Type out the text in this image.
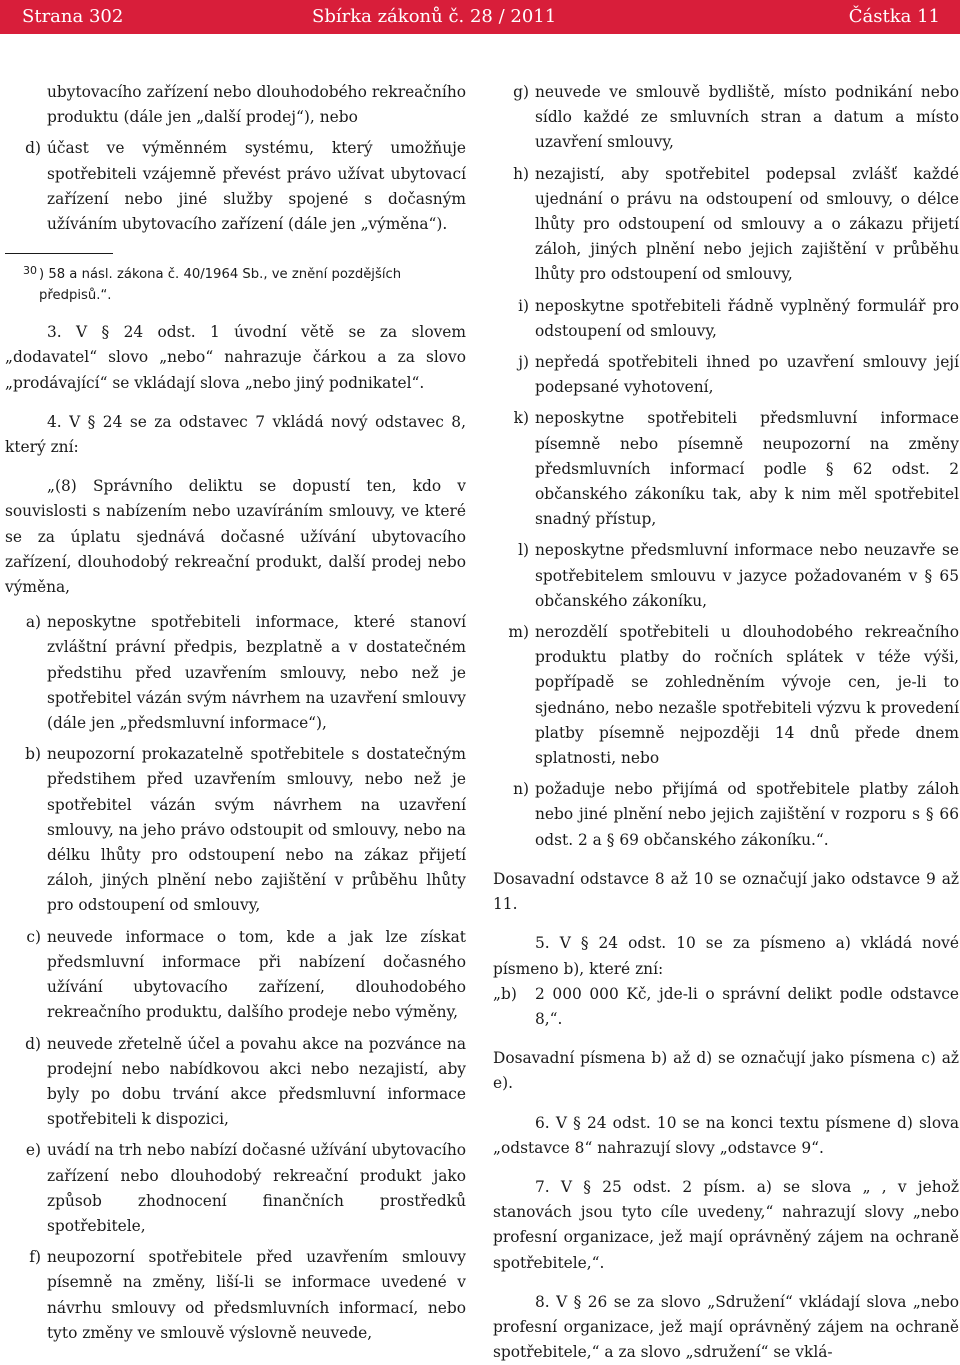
Strana 302	Sbírka zákonů č. 28 / 2011	Částka 11

ubytovacího zařízení nebo dlouhodobého rekreačního produktu (dále jen „další prodej“), nebo

d) účast ve výměnném systému, který umožňuje spotřebiteli vzájemně převést právo užívat ubytovací zařízení nebo jiné služby spojené s dočasným užíváním ubytovacího zařízení (dále jen „výměna“).
30 ) 58 a násl. zákona č. 40/1964 Sb., ve znění pozdějších předpisů.“.

3. V § 24 odst. 1 úvodní větě se za slovem „dodavatel“ slovo „nebo“ nahrazuje čárkou a za slovo „prodávající“ se vkládají slova „nebo jiný podnikatel“.

4. V § 24 se za odstavec 7 vkládá nový odstavec 8, který zní:

„(8) Správního deliktu se dopustí ten, kdo v souvislosti s nabízením nebo uzavíráním smlouvy, ve které se za úplatu sjednává dočasné užívání ubytovacího zařízení, dlouhodobý rekreační produkt, další prodej nebo výměna,

a) neposkytne spotřebiteli informace, které stanoví zvláštní právní předpis, bezplatně a v dostatečném předstihu před uzavřením smlouvy, nebo než je spotřebitel vázán svým návrhem na uzavření smlouvy (dále jen „předsmluvní informace“),
b) neupozorní prokazatelně spotřebitele s dostatečným předstihem před uzavřením smlouvy, nebo než je spotřebitel vázán svým návrhem na uzavření smlouvy, na jeho právo odstoupit od smlouvy, nebo na délku lhůty pro odstoupení nebo na zákaz přijetí záloh, jiných plnění nebo zajištění v průběhu lhůty pro odstoupení od smlouvy,
c) neuvede informace o tom, kde a jak lze získat předsmluvní informace při nabízení dočasného užívání ubytovacího zařízení, dlouhodobého rekreačního produktu, dalšího prodeje nebo výměny,
d) neuvede zřetelně účel a povahu akce na pozvánce na prodejní nebo nabídkovou akci nebo nezajistí, aby byly po dobu trvání akce předsmluvní informace spotřebiteli k dispozici,
e) uvádí na trh nebo nabízí dočasné užívání ubytovacího zařízení nebo dlouhodobý rekreační produkt jako způsob zhodnocení finančních prostředků spotřebitele,
f) neupozorní spotřebitele před uzavřením smlouvy písemně na změny, liší-li se informace uvedené v návrhu smlouvy od předsmluvních informací, nebo tyto změny ve smlouvě výslovně neuvede,
g) neuvede ve smlouvě bydliště, místo podnikání nebo sídlo každé ze smluvních stran a datum a místo uzavření smlouvy,
h) nezajistí, aby spotřebitel podepsal zvlášť každé ujednání o právu na odstoupení od smlouvy, o délce lhůty pro odstoupení od smlouvy a o zákazu přijetí záloh, jiných plnění nebo jejich zajištění v průběhu lhůty pro odstoupení od smlouvy,
i) neposkytne spotřebiteli řádně vyplněný formulář pro odstoupení od smlouvy,
j) nepředá spotřebiteli ihned po uzavření smlouvy její podepsané vyhotovení,
k) neposkytne spotřebiteli předsmluvní informace písemně nebo písemně neupozorní na změny předsmluvních informací podle § 62 odst. 2 občanského zákoníku tak, aby k nim měl spotřebitel snadný přístup,
l) neposkytne předsmluvní informace nebo neuzavře se spotřebitelem smlouvu v jazyce požadovaném v § 65 občanského zákoníku,
m) nerozdělí spotřebiteli u dlouhodobého rekreačního produktu platby do ročních splátek v téže výši, popřípadě se zohledněním vývoje cen, je-li to sjednáno, nebo nezašle spotřebiteli výzvu k provedení platby písemně nejpozději 14 dnů přede dnem splatnosti, nebo
n) požaduje nebo přijímá od spotřebitele platby záloh nebo jiné plnění nebo jejich zajištění v rozporu s § 66 odst. 2 a § 69 občanského zákoníku.“.

Dosavadní odstavce 8 až 10 se označují jako odstavce 9 až 11.

5. V § 24 odst. 10 se za písmeno a) vkládá nové písmeno b), které zní:

„b)	2 000 000 Kč, jde-li o správní delikt podle odstavce 8,“.

Dosavadní písmena b) až d) se označují jako písmena c) až e).

6. V § 24 odst. 10 se na konci textu písmene d) slova „odstavce 8“ nahrazují slovy „odstavce 9“.

7. V § 25 odst. 2 písm. a) se slova „ , v jehož stanovách jsou tyto cíle uvedeny,“ nahrazují slovy „nebo profesní organizace, jež mají oprávněný zájem na ochraně spotřebitele,“.

8. V § 26 se za slovo „Sdružení“ vkládají slova „nebo profesní organizace, jež mají oprávněný zájem na ochraně spotřebitele,“ a za slovo „sdružení“ se vklá-
